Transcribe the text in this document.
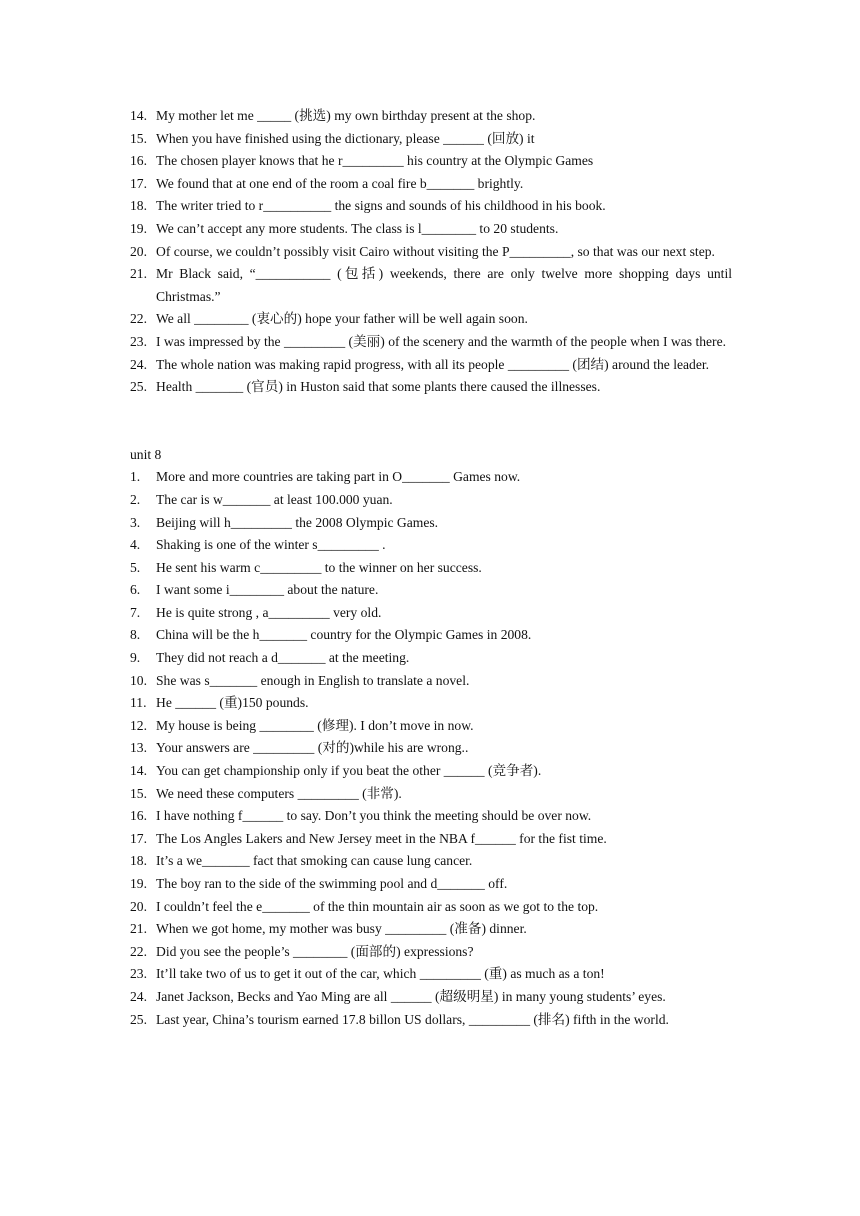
14. My mother let me _____ (挑选) my own birthday present at the shop.
15. When you have finished using the dictionary, please ______ (回放) it
16. The chosen player knows that he r_________ his country at the Olympic Games
17. We found that at one end of the room a coal fire b_______ brightly.
18. The writer tried to r__________ the signs and sounds of his childhood in his book.
19. We can’t accept any more students. The class is l________ to 20 students.
20. Of course, we couldn’t possibly visit Cairo without visiting the P_________, so that was our next step.
21. Mr Black said, “___________ (包括) weekends, there are only twelve more shopping days until Christmas.”
22. We all ________ (衷心的) hope your father will be well again soon.
23. I was impressed by the _________ (美丽) of the scenery and the warmth of the people when I was there.
24. The whole nation was making rapid progress, with all its people _________ (团结) around the leader.
25. Health _______ (官员) in Huston said that some plants there caused the illnesses.
unit 8
1. More and more countries are taking part in O_______ Games now.
2. The car is w_______ at least 100.000 yuan.
3. Beijing will h_________ the 2008 Olympic Games.
4. Shaking is one of the winter s_________ .
5. He sent his warm c_________ to the winner on her success.
6. I want some i________ about the nature.
7. He is quite strong , a_________ very old.
8. China will be the h_______ country for the Olympic Games in 2008.
9. They did not reach a d_______ at the meeting.
10. She was s_______ enough in English to translate a novel.
11. He ______ (重)150 pounds.
12. My house is being ________ (修理). I don’t move in now.
13. Your answers are _________ (对的)while his are wrong..
14. You can get championship only if you beat the other ______ (竞争者).
15. We need these computers _________ (非常).
16. I have nothing f______ to say. Don’t you think the meeting should be over now.
17. The Los Angles Lakers and New Jersey meet in the NBA f______ for the fist time.
18. It’s a we_______ fact that smoking can cause lung cancer.
19. The boy ran to the side of the swimming pool and d_______ off.
20. I couldn’t feel the e_______ of the thin mountain air as soon as we got to the top.
21. When we got home, my mother was busy _________ (准备) dinner.
22. Did you see the people’s ________ (面部的) expressions?
23. It’ll take two of us to get it out of the car, which _________ (重) as much as a ton!
24. Janet Jackson, Becks and Yao Ming are all ______ (超级明星) in many young students’ eyes.
25. Last year, China’s tourism earned 17.8 billon US dollars, _________ (排名) fifth in the world.
